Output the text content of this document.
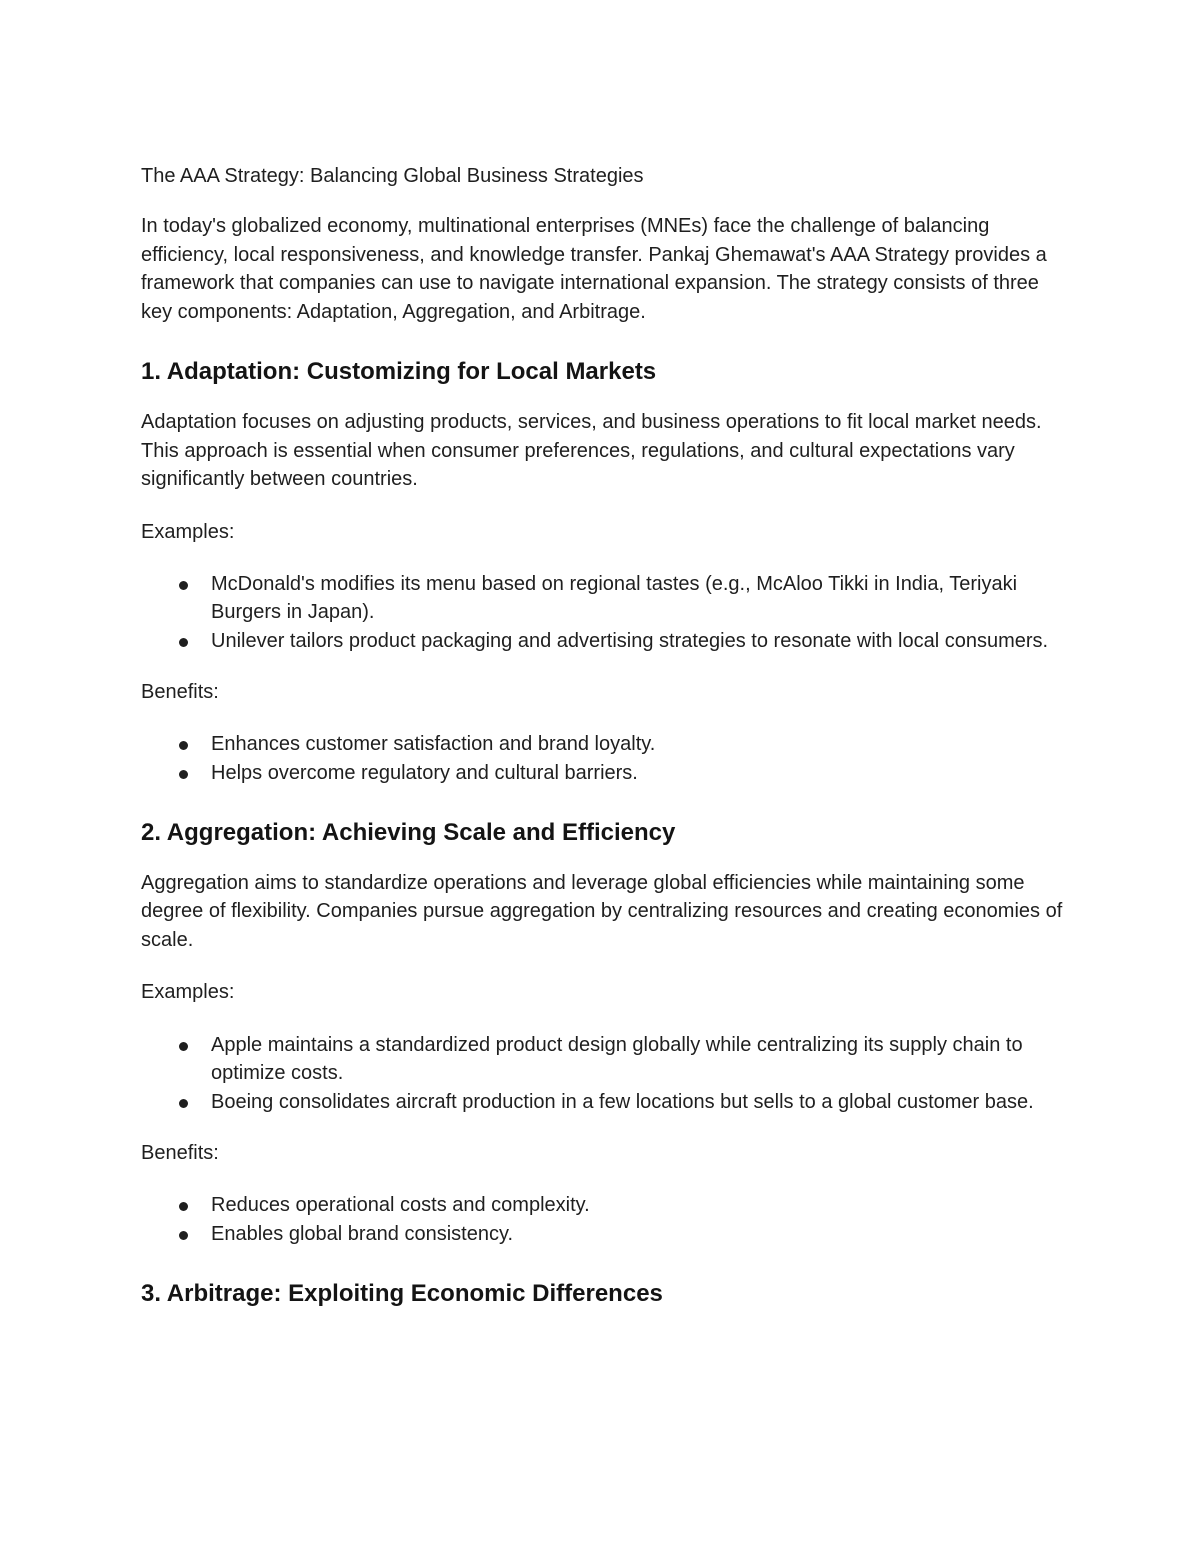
The AAA Strategy: Balancing Global Business Strategies

In today's globalized economy, multinational enterprises (MNEs) face the challenge of balancing efficiency, local responsiveness, and knowledge transfer. Pankaj Ghemawat's AAA Strategy provides a framework that companies can use to navigate international expansion. The strategy consists of three key components: Adaptation, Aggregation, and Arbitrage.

1. Adaptation: Customizing for Local Markets

Adaptation focuses on adjusting products, services, and business operations to fit local market needs. This approach is essential when consumer preferences, regulations, and cultural expectations vary significantly between countries.

Examples:

McDonald's modifies its menu based on regional tastes (e.g., McAloo Tikki in India, Teriyaki Burgers in Japan).
Unilever tailors product packaging and advertising strategies to resonate with local consumers.

Benefits:

Enhances customer satisfaction and brand loyalty.
Helps overcome regulatory and cultural barriers.
2. Aggregation: Achieving Scale and Efficiency

Aggregation aims to standardize operations and leverage global efficiencies while maintaining some degree of flexibility. Companies pursue aggregation by centralizing resources and creating economies of scale.

Examples:

Apple maintains a standardized product design globally while centralizing its supply chain to optimize costs.
Boeing consolidates aircraft production in a few locations but sells to a global customer base.

Benefits:

Reduces operational costs and complexity.
Enables global brand consistency.
3. Arbitrage: Exploiting Economic Differences
